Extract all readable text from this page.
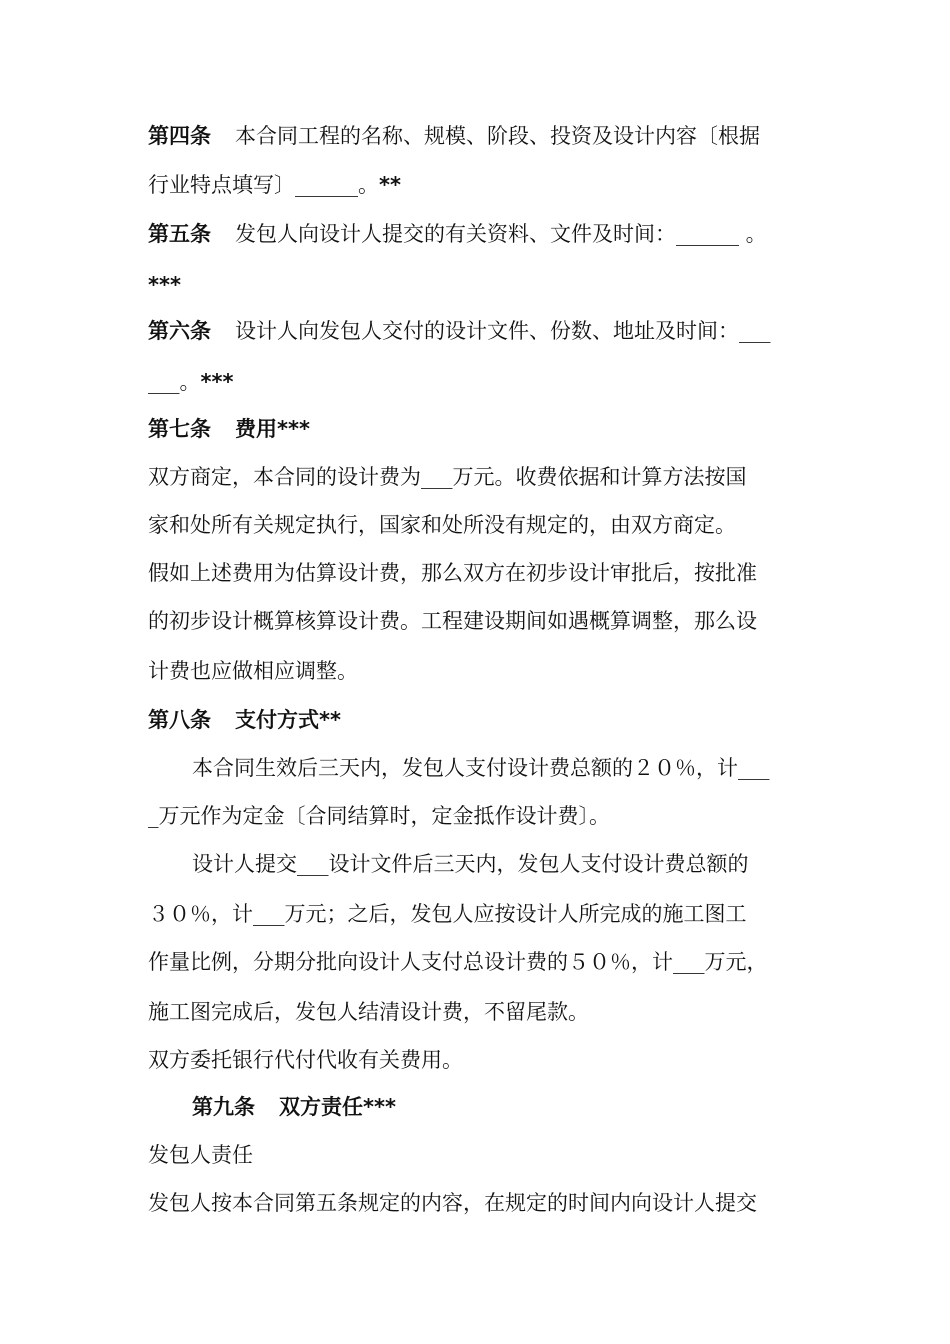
第四条 本合同工程的名称、规模、阶段、投资及设计内容〔根据

行业特点填写〕______。**

第五条 发包人向设计人提交的有关资料、文件及时间：______ 。

***

第六条 设计人向发包人交付的设计文件、份数、地址及时间：___

___。***

第七条 费用***

双方商定，本合同的设计费为___万元。收费依据和计算方法按国

家和处所有关规定执行，国家和处所没有规定的，由双方商定。

假如上述费用为估算设计费，那么双方在初步设计审批后，按批准

的初步设计概算核算设计费。工程建设期间如遇概算调整，那么设

计费也应做相应调整。

第八条 支付方式**

本合同生效后三天内，发包人支付设计费总额的２０％，计___

_万元作为定金〔合同结算时，定金抵作设计费〕。

设计人提交___设计文件后三天内，发包人支付设计费总额的

３０％，计___万元；之后，发包人应按设计人所完成的施工图工

作量比例，分期分批向设计人支付总设计费的５０％，计___万元，

施工图完成后，发包人结清设计费，不留尾款。

双方委托银行代付代收有关费用。

第九条 双方责任***

发包人责任

发包人按本合同第五条规定的内容，在规定的时间内向设计人提交
